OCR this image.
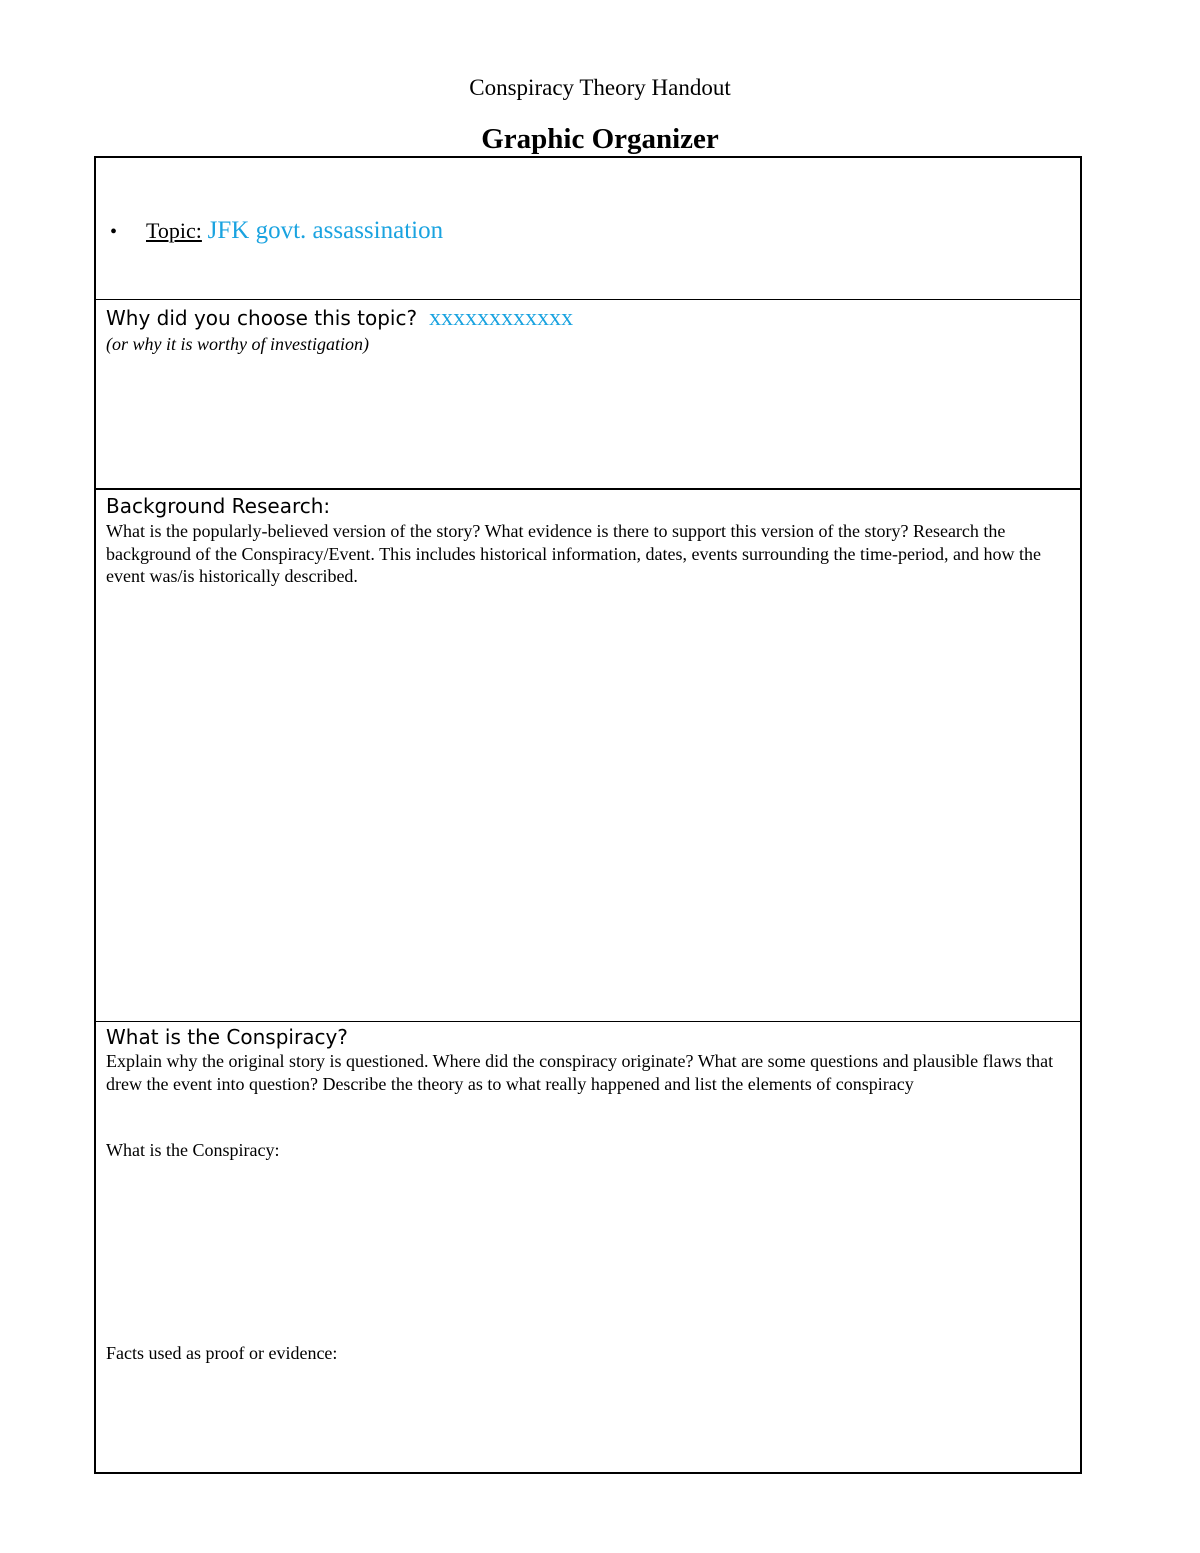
Conspiracy Theory Handout
Graphic Organizer
• Topic: JFK govt. assassination
Why did you choose this topic? xxxxxxxxxxxx
(or why it is worthy of investigation)
Background Research:
What is the popularly-believed version of the story? What evidence is there to support this version of the story? Research the background of the Conspiracy/Event. This includes historical information, dates, events surrounding the time-period, and how the event was/is historically described.
What is the Conspiracy?
Explain why the original story is questioned. Where did the conspiracy originate? What are some questions and plausible flaws that drew the event into question? Describe the theory as to what really happened and list the elements of conspiracy
What is the Conspiracy:
Facts used as proof or evidence:
